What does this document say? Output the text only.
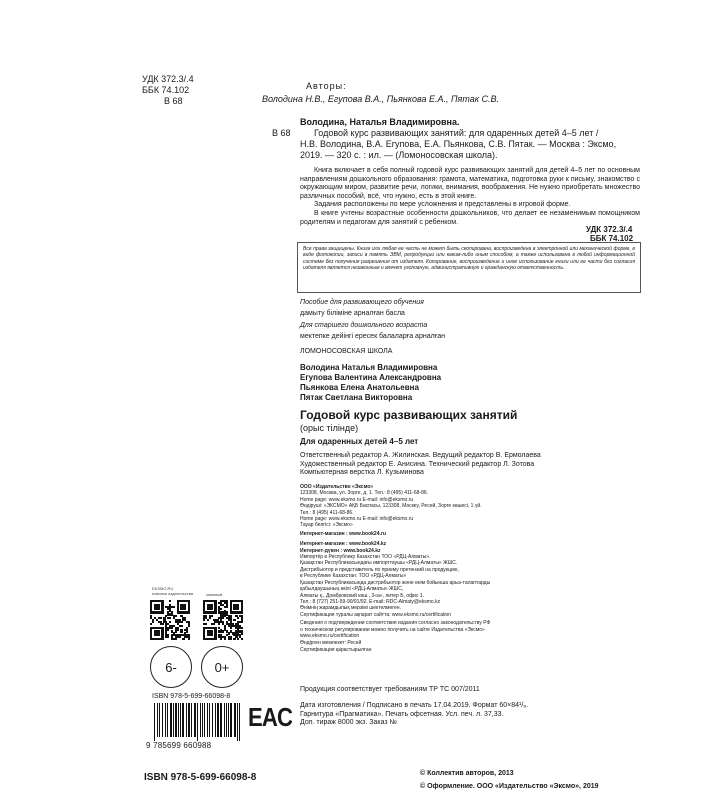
УДК 372.3/.4
ББК 74.102
В 68
Авторы:
Володина Н.В., Егупова В.А., Пьянкова Е.А., Пятак С.В.
Володина, Наталья Владимировна.
В 68	Годовой курс развивающих занятий: для одаренных детей 4–5 лет /
Н.В. Володина, В.А. Егупова, Е.А. Пьянкова, С.В. Пятак. — Москва : Эксмо,
2019. — 320 с. : ил. — (Ломоносовская школа).
Книга включает в себя полный годовой курс развивающих занятий для детей 4–5 лет по основным направлениям дошкольного образования: грамота, математика, подготовка руки к письму, знакомство с окружающим миром, развитие речи, логики, внимания, воображения. Не нужно приобретать множество различных пособий, всё, что нужно, есть в этой книге.
Задания расположены по мере усложнения и представлены в игровой форме.
В книге учтены возрастные особенности дошкольников, что делает ее незаменимым помощником родителям и педагогам для занятий с ребенком.
УДК 372.3/.4
ББК 74.102
Все права защищены. Книга или любая ее часть не может быть скопирована, воспроизведена в электронной или механической форме, в виде фотокопии, записи в память ЭВМ, репродукции или каким-либо иным способом, а также использована в любой информационной системе без получения разрешения от издателя. Копирование, воспроизведение и иное использование книги или ее части без согласия издателя является незаконным и влечет уголовную, административную и гражданскую ответственность.
Пособие для развивающего обучения
дамыту біліміне арналған басла
Для старшего дошкольного возраста
мектепке дейінгі ересек балаларға арналған
ЛОМОНОСОВСКАЯ ШКОЛА
Володина Наталья Владимировна
Егупова Валентина Александровна
Пьянкова Елена Анатольевна
Пятак Светлана Викторовна
Годовой курс развивающих занятий
(орыс тілінде)
Для одаренных детей 4–5 лет
Ответственный редактор А. Жилинская. Ведущий редактор В. Ермолаева
Художественный редактор Е. Анисина. Технический редактор Л. Зотова
Компьютерная верстка Л. Кузьминова
ООО «Издательство «Эксмо»
123308, Москва, ул. Зорге, д. 1. Тел.: 8 (495) 411-68-86.
Home page: www.eksmo.ru E-mail: info@eksmo.ru
Өндіруші: «ЭКСМО» АҚБ Баспасы, 123308, Мәскеу, Ресей, Зорге көшесі, 1 үй.
Тел.: 8 (495) 411-68-86.
Home page: www.eksmo.ru E-mail: info@eksmo.ru
Тауар белгісі: «Эксмо»
Интернет-магазин : www.book24.ru
Интернет-магазин : www.book24.kz
Интернет-дүкен : www.book24.kz
Импортёр в Республику Казахстан ТОО «РДЦ-Алматы».
Қазақстан Республикасындағы импорттаушы «РДЦ-Алматы» ЖШС.
Дистрибьютор и представитель по приему претензий на продукцию,
в Республике Казахстан: ТОО «РДЦ-Алматы»
Қазақстан Республикасында дистрибьютор және өнім бойынша арыз-талаптарды
қабылдаушының өкілі «РДЦ-Алматы» ЖШС,
Алматы қ., Домбровский көш., 3«а», литер Б, офис 1.
Тел.: 8 (727) 251-59-90/91/92. E-mail: RDC-Almaty@eksmo.kz
Өнімнің жарамдылық мерзімі шектелмеген.
Сертификация туралы ақпарат сайтта: www.eksmo.ru/certification
Сведения о подтверждении соответствия издания согласно законодательству РФ
о техническом регулировании можно получить на сайте Издательства «Эксмо»
www.eksmo.ru/certification
Өндірген мемлекет: Ресей
Сертификация қарастырылған
Продукция соответствует требованиям ТР ТС 007/2011
Дата изготовления / Подписано в печать 17.04.2019. Формат 60×84¹/₈.
Гарнитура «Прагматика». Печать офсетная. Усл. печ. л. 37,33.
Доп. тираж 8000 экз. Заказ №
EKSMO.RU
новинки издательства	книжный
6-	0+
ISBN 978-5-699-66098-8
9 785699 660988
EAC
ISBN 978-5-699-66098-8	© Коллектив авторов, 2013
© Оформление. ООО «Издательство «Эксмо», 2019
